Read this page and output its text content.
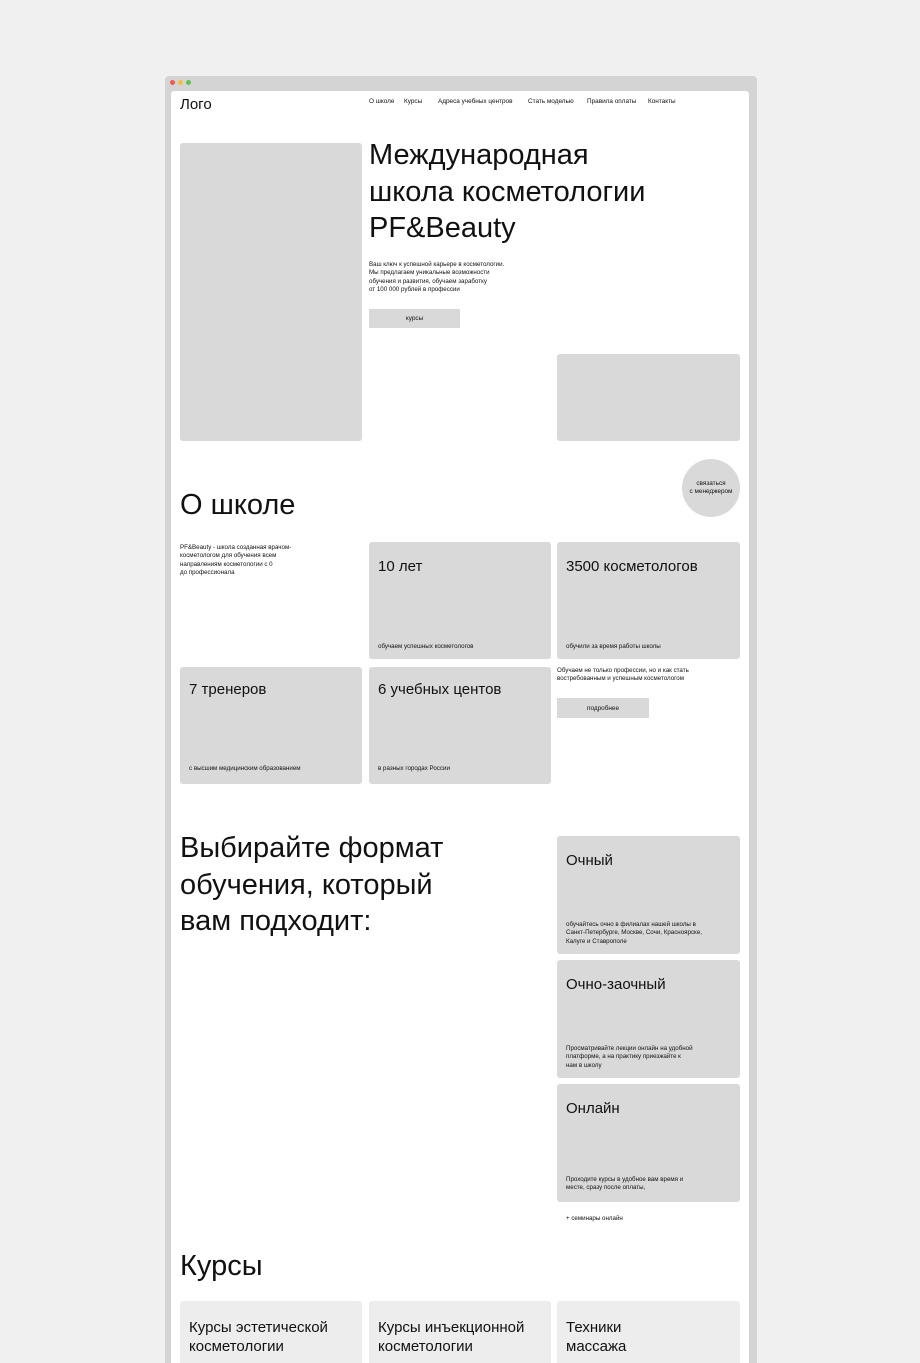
Лого	О школе Курсы Адреса учебных центров Стать моделью Правила оплаты Контакты
Международная
школа косметологии
PF&Beauty
Ваш ключ к успешной карьере в косметологии.
Мы предлагаем уникальные возможности
обучения и развития, обучаем заработку
от 100 000 рублей в профессии
курсы
связаться
с менеджером
О школе
PF&Beauty - школа созданная врачом-
косметологом для обучения всем
направлениям косметологии с 0
до профессионала	10 лет
обучаем успешных косметологов
3500 косметологов
обучили за время работы школы
7 тренеров
с высшим медицинским образованием
6 учебных центов
в разных городах России
Обучаем не только профессии, но и как стать
востребованным и успешным косметологом
подробнее
Выбирайте формат
обучения, который
вам подходит:
Очный
обучайтесь очно в филиалах нашей школы в
Санкт-Петербурге, Москве, Сочи, Красноярске,
Калуге и Ставрополе
Очно-заочный
Просматривайте лекции онлайн на удобной
платформе, а на практику приезжайте к
нам в школу
Онлайн
Проходите курсы в удобное вам время и
месте, сразу после оплаты,
+ семинары онлайн
Курсы
Курсы эстетической
косметологии
Курсы инъекционной
косметологии
Техники
массажа
